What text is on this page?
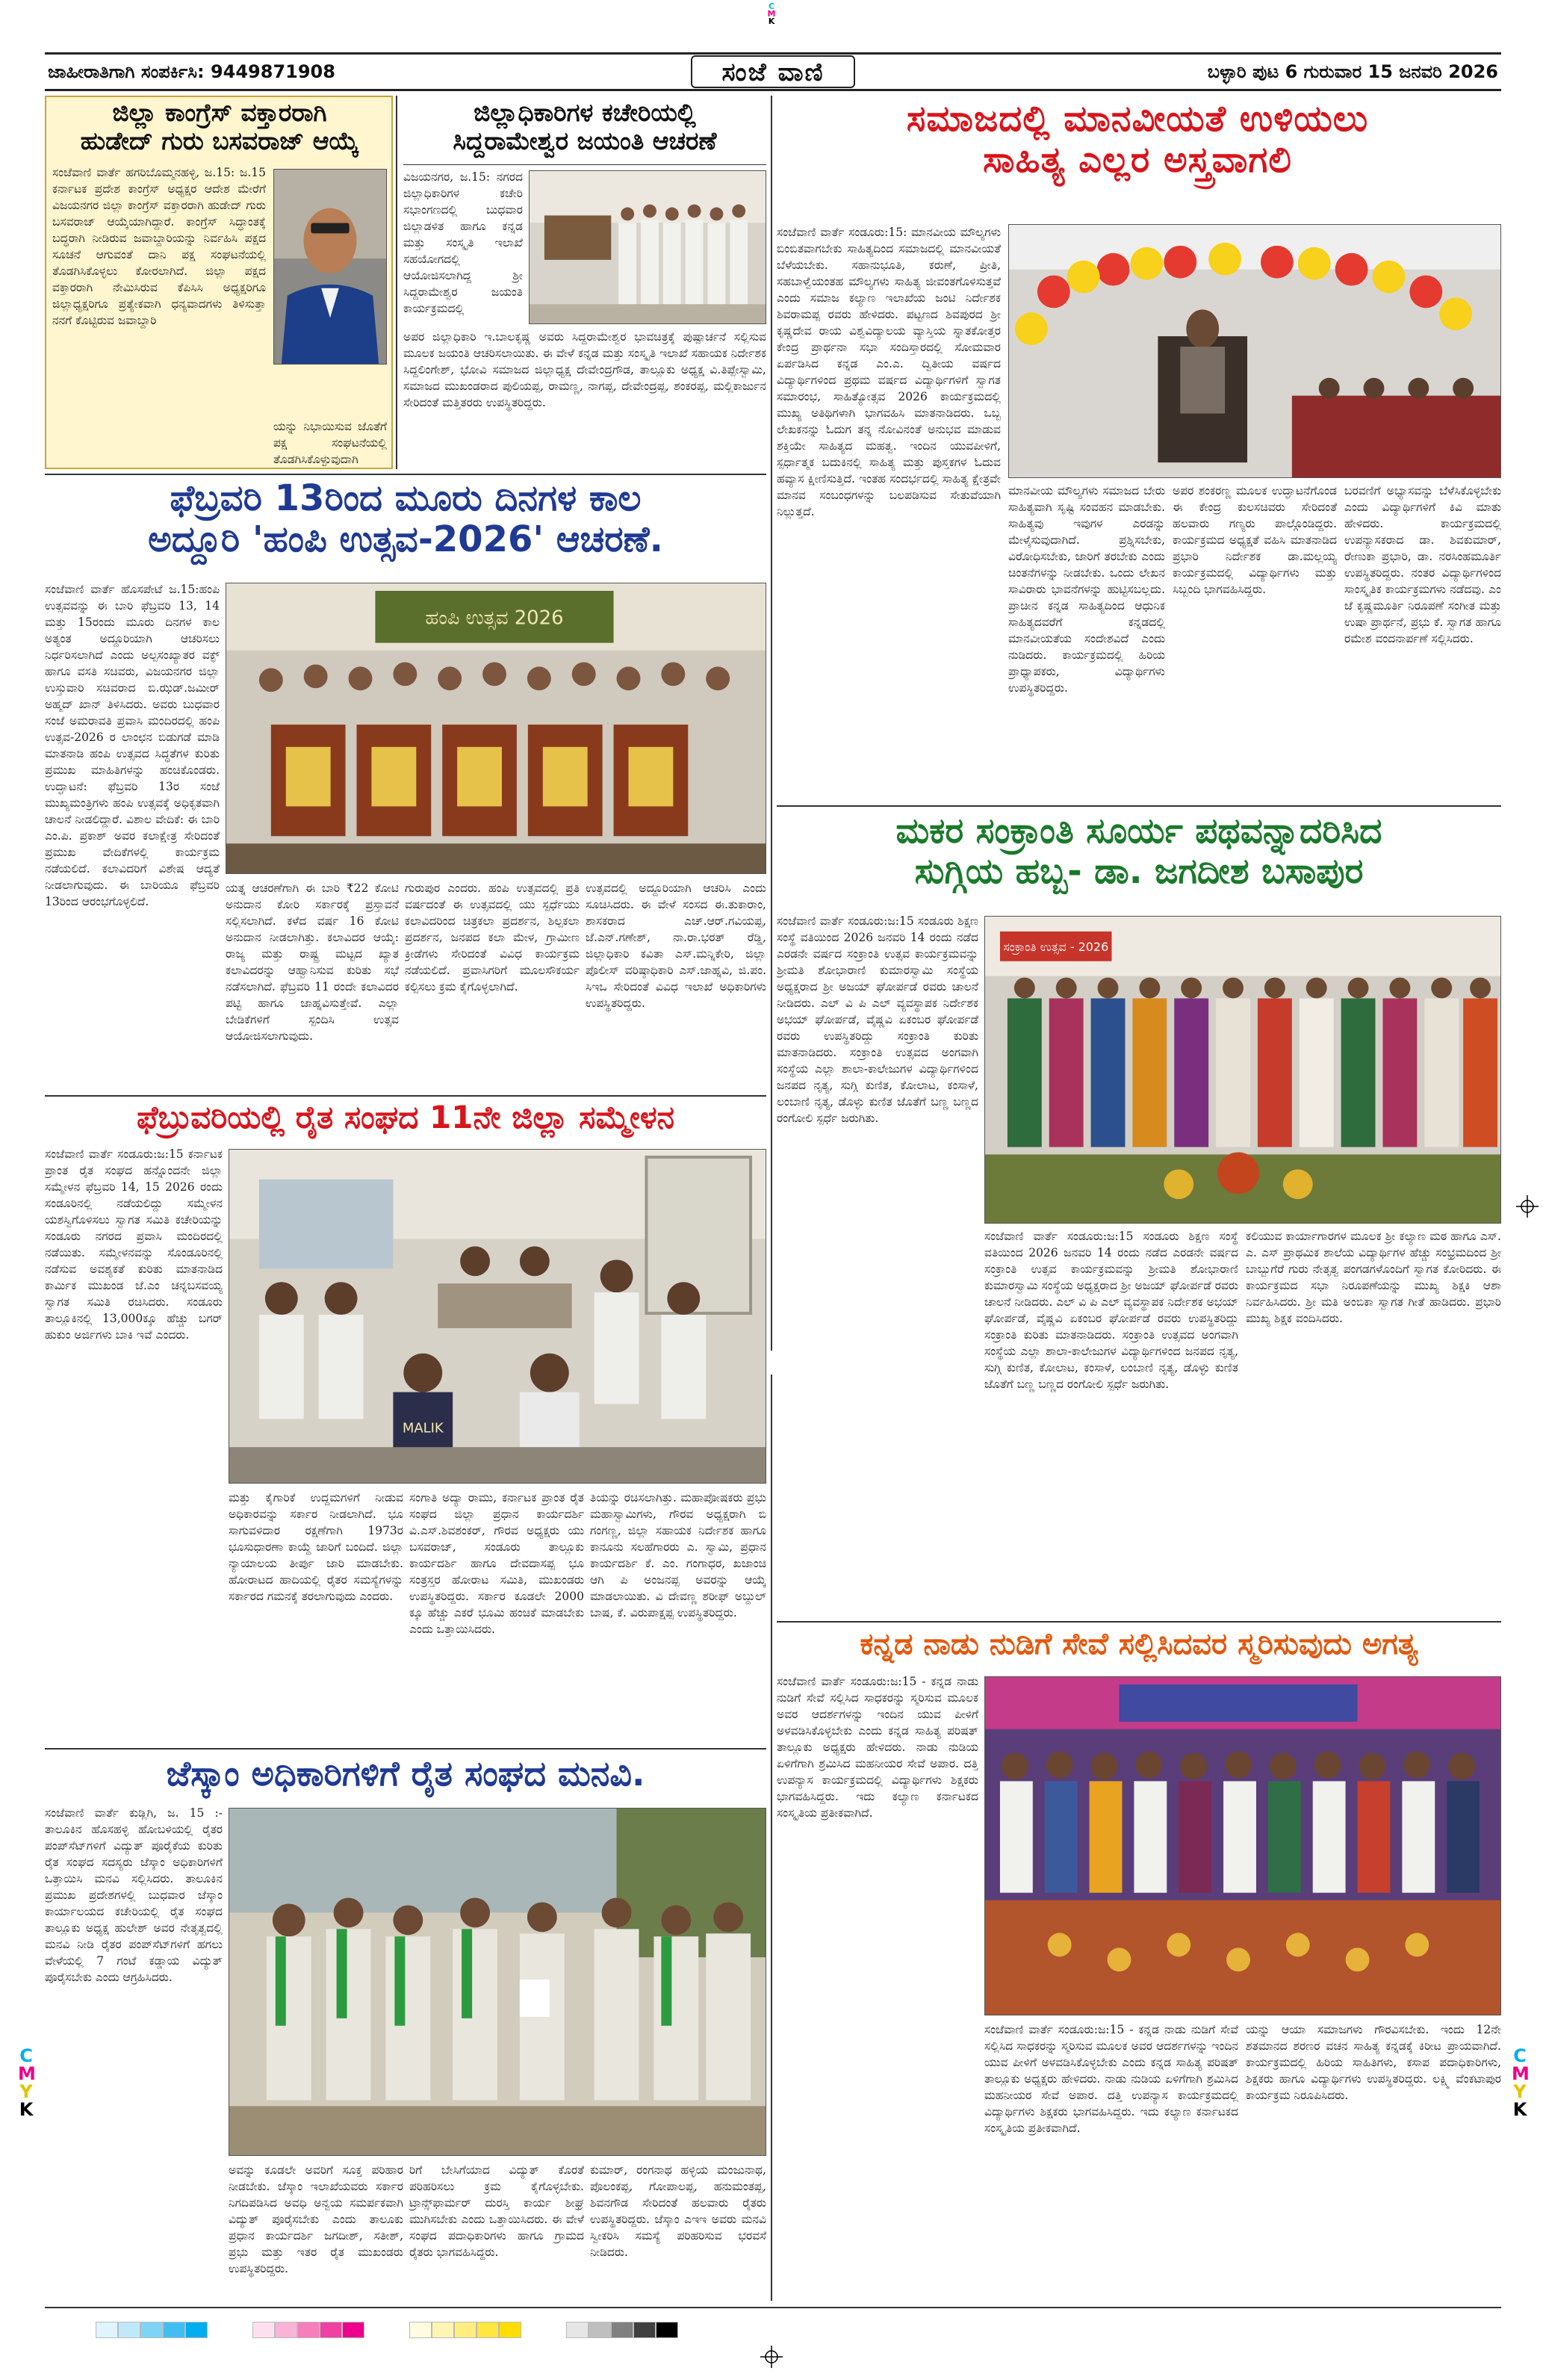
C
M
K
ಜಾಹೀರಾತಿಗಾಗಿ ಸಂಪರ್ಕಿಸಿ: 9449871908	ಸಂಜೆ ವಾಣಿ	ಬಳ್ಳಾರಿ ಪುಟ 6 ಗುರುವಾರ 15 ಜನವರಿ 2026
ಜಿಲ್ಲಾ ಕಾಂಗ್ರೆಸ್ ವಕ್ತಾರರಾಗಿ
ಹುಡೇದ್ ಗುರು ಬಸವರಾಜ್ ಆಯ್ಕೆ
ಸಂಜೆವಾಣಿ ವಾರ್ತೆ ಹಗರಿಬೊಮ್ಮನಹಳ್ಳಿ, ಜ.15: ಜ.15 ಕರ್ನಾಟಕ ಪ್ರದೇಶ ಕಾಂಗ್ರೆಸ್ ಅಧ್ಯಕ್ಷರ ಆದೇಶ ಮೇರೆಗೆ ವಿಜಯನಗರ ಜಿಲ್ಲಾ ಕಾಂಗ್ರೆಸ್ ವಕ್ತಾರರಾಗಿ ಹುಡೇದ್ ಗುರು ಬಸವರಾಜ್ ಆಯ್ಕೆಯಾಗಿದ್ದಾರೆ. ಕಾಂಗ್ರೆಸ್ ಸಿದ್ಧಾಂತಕ್ಕೆ ಬದ್ಧರಾಗಿ ನೀಡಿರುವ ಜವಾಬ್ದಾರಿಯನ್ನು ನಿರ್ವಹಿಸಿ ಪಕ್ಷದ ಸೂಚನೆ ಆಗುವಂತೆ ದಾನಿ ಪಕ್ಷ ಸಂಘಟನೆಯಲ್ಲಿ ತೊಡಗಿಸಿಕೊಳ್ಳಲು ಕೋರಲಾಗಿದೆ. ಜಿಲ್ಲಾ ಪಕ್ಷದ ವಕ್ತಾರರಾಗಿ ನೇಮಿಸಿರುವ ಕೆಪಿಸಿಸಿ ಅಧ್ಯಕ್ಷರಿಗೂ ಜಿಲ್ಲಾಧ್ಯಕ್ಷರಿಗೂ ಪ್ರತ್ಯೇಕವಾಗಿ ಧನ್ಯವಾದಗಳು ತಿಳಿಸುತ್ತಾ ನನಗೆ ಕೊಟ್ಟಿರುವ ಜವಾಬ್ದಾರಿ
ಯನ್ನು ನಿಭಾಯಿಸುವ ಜೊತೆಗೆ ಪಕ್ಷ ಸಂಘಟನೆಯಲ್ಲಿ ತೊಡಗಿಸಿಕೊಳ್ಳುವುದಾಗಿ
ಜಿಲ್ಲಾಧಿಕಾರಿಗಳ ಕಚೇರಿಯಲ್ಲಿ
ಸಿದ್ದರಾಮೇಶ್ವರ ಜಯಂತಿ ಆಚರಣೆ
ವಿಜಯನಗರ, ಜ.15: ನಗರದ ಜಿಲ್ಲಾಧಿಕಾರಿಗಳ ಕಚೇರಿ ಸಭಾಂಗಣದಲ್ಲಿ ಬುಧವಾರ ಜಿಲ್ಲಾಡಳಿತ ಹಾಗೂ ಕನ್ನಡ ಮತ್ತು ಸಂಸ್ಕೃತಿ ಇಲಾಖೆ ಸಹಯೋಗದಲ್ಲಿ ಆಯೋಜಿಸಲಾಗಿದ್ದ ಶ್ರೀ ಸಿದ್ದರಾಮೇಶ್ವರ ಜಯಂತಿ ಕಾರ್ಯಕ್ರಮದಲ್ಲಿ
ಅಪರ ಜಿಲ್ಲಾಧಿಕಾರಿ ಇ.ಬಾಲಕೃಷ್ಣ ಅವರು ಸಿದ್ದರಾಮೇಶ್ವರ ಭಾವಚಿತ್ರಕ್ಕೆ ಪುಷ್ಪಾರ್ಚನೆ ಸಲ್ಲಿಸುವ ಮೂಲಕ ಜಯಂತಿ ಆಚರಿಸಲಾಯಿತು. ಈ ವೇಳೆ ಕನ್ನಡ ಮತ್ತು ಸಂಸ್ಕೃತಿ ಇಲಾಖೆ ಸಹಾಯಕ ನಿರ್ದೇಶಕ ಸಿದ್ದಲಿಂಗೇಶ್, ಭೋವಿ ಸಮಾಜದ ಜಿಲ್ಲಾಧ್ಯಕ್ಷ ದೇವೇಂದ್ರಗೌಡ, ತಾಲ್ಲೂಕು ಅಧ್ಯಕ್ಷ ವಿ.ತಿಪ್ಪೇಸ್ವಾಮಿ, ಸಮಾಜದ ಮುಖಂಡರಾದ ಪುಲಿಯಪ್ಪ, ರಾಮಣ್ಣ, ನಾಗಪ್ಪ, ದೇವೇಂದ್ರಪ್ಪ, ಶಂಕರಪ್ಪ, ಮಲ್ಲಿಕಾರ್ಜುನ ಸೇರಿದಂತೆ ಮತ್ತಿತರರು ಉಪಸ್ಥಿತರಿದ್ದರು.
ಸಮಾಜದಲ್ಲಿ ಮಾನವೀಯತೆ ಉಳಿಯಲು
ಸಾಹಿತ್ಯ ಎಲ್ಲರ ಅಸ್ತ್ರವಾಗಲಿ
ಸಂಜೆವಾಣಿ ವಾರ್ತೆ ಸಂಡೂರು:15: ಮಾನವೀಯ ಮೌಲ್ಯಗಳು ಬಿಂಬಿತವಾಗಬೇಕು ಸಾಹಿತ್ಯದಿಂದ ಸಮಾಜದಲ್ಲಿ ಮಾನವೀಯತೆ ಬೆಳೆಯಬೇಕು. ಸಹಾನುಭೂತಿ, ಕರುಣೆ, ಪ್ರೀತಿ, ಸಹಬಾಳ್ವೆಯಂತಹ ಮೌಲ್ಯಗಳು ಸಾಹಿತ್ಯ ಜೀವಂತಗೊಳಿಸುತ್ತವೆ ಎಂದು ಸಮಾಜ ಕಲ್ಯಾಣ ಇಲಾಖೆಯ ಜಂಟಿ ನಿರ್ದೇಶಕ ಶಿವರಾಮಪ್ಪ ರವರು ಹೇಳಿದರು. ಪಟ್ಟಣದ ಶಿವಪುರದ ಶ್ರೀ ಕೃಷ್ಣದೇವ ರಾಯ ವಿಶ್ವವಿದ್ಯಾಲಯ ವ್ಯಾಸ್ತಿಯ ಸ್ನಾತಕೋತ್ತರ ಕೇಂದ್ರ ಪ್ರಾರ್ಥನಾ ಸಭಾ ಸಂದಿಸ್ತಾರದಲ್ಲಿ ಸೋಮವಾರ ಏರ್ಪಡಿಸಿದ ಕನ್ನಡ ಎಂ.ಎ. ದ್ವಿತೀಯ ವರ್ಷದ ವಿದ್ಯಾರ್ಥಿಗಳಿಂದ ಪ್ರಥಮ ವರ್ಷದ ವಿದ್ಯಾರ್ಥಿಗಳಿಗೆ ಸ್ವಾಗತ ಸಮಾರಂಭ, ಸಾಹಿತ್ಯೋತ್ಸವ 2026 ಕಾರ್ಯಕ್ರಮದಲ್ಲಿ ಮುಖ್ಯ ಅತಿಥಿಗಳಾಗಿ ಭಾಗವಹಿಸಿ ಮಾತನಾಡಿದರು. ಒಬ್ಬ ಲೇಖಕನನ್ನು ಓದುಗ ತನ್ನ ನೋವಿನಂತೆ ಅನುಭವ ಮಾಡುವ ಶಕ್ತಿಯೇ ಸಾಹಿತ್ಯದ ಮಹತ್ವ. ಇಂದಿನ ಯುವಪೀಳಿಗೆ, ಸ್ಪರ್ಧಾತ್ಮಕ ಬದುಕಿನಲ್ಲಿ ಸಾಹಿತ್ಯ ಮತ್ತು ಪುಸ್ತಕಗಳ ಓದುವ ಹವ್ಯಾಸ ಕ್ಷೀಣಿಸುತ್ತಿದೆ. ಇಂತಹ ಸಂದರ್ಭದಲ್ಲಿ ಸಾಹಿತ್ಯ ಕ್ಷೇತ್ರವೇ ಮಾನವ ಸಂಬಂಧಗಳನ್ನು ಬಲಪಡಿಸುವ ಸೇತುವೆಯಾಗಿ ನಿಲ್ಲುತ್ತದೆ.
ಮಾನವೀಯ ಮೌಲ್ಯಗಳು ಸಮಾಜದ ಬೇರು ಸಾಹಿತ್ಯವಾಗಿ ಸೃಷ್ಟಿ ಸಂವಹನ ಮಾಡಬೇಕು. ಸಾಹಿತ್ಯವು ಇವುಗಳ ಎರಡನ್ನು ಮೇಳೈಸುವುದಾಗಿದೆ. ಪ್ರಶ್ನಿಸಬೇಕು, ವಿರೋಧಿಸಬೇಕು, ಜಾರಿಗೆ ತರಬೇಕು ಎಂದು ಚಿಂತನೆಗಳನ್ನು ನೀಡಬೇಕು. ಒಂದು ಲೇಖನ ಸಾವಿರಾರು ಭಾವನೆಗಳನ್ನು ಹುಟ್ಟಿಸಬಲ್ಲದು. ಪ್ರಾಚೀನ ಕನ್ನಡ ಸಾಹಿತ್ಯದಿಂದ ಆಧುನಿಕ ಸಾಹಿತ್ಯದವರೆಗೆ ಕನ್ನಡದಲ್ಲಿ ಮಾನವೀಯತೆಯ ಸಂದೇಶವಿದೆ ಎಂದು ನುಡಿದರು. ಕಾರ್ಯಕ್ರಮದಲ್ಲಿ ಹಿರಿಯ ಪ್ರಾಧ್ಯಾಪಕರು, ವಿದ್ಯಾರ್ಥಿಗಳು ಉಪಸ್ಥಿತರಿದ್ದರು.
ಅಪರ ಶಂಕರಣ್ಣ ಮೂಲಕ ಉದ್ಘಾಟನೆಗೊಂಡ ಈ ಕೇಂದ್ರ ಕುಲಸಚಿವರು ಸೇರಿದಂತೆ ಹಲವಾರು ಗಣ್ಯರು ಪಾಲ್ಗೊಂಡಿದ್ದರು. ಕಾರ್ಯಕ್ರಮದ ಅಧ್ಯಕ್ಷತೆ ವಹಿಸಿ ಮಾತನಾಡಿದ ಪ್ರಭಾರಿ ನಿರ್ದೇಶಕ ಡಾ.ಮಲ್ಲಯ್ಯ ಕಾರ್ಯಕ್ರಮದಲ್ಲಿ ವಿದ್ಯಾರ್ಥಿಗಳು ಮತ್ತು ಸಿಬ್ಬಂದಿ ಭಾಗವಹಿಸಿದ್ದರು.
ಬರವಣಿಗೆ ಅಭ್ಯಾಸವನ್ನು ಬೆಳೆಸಿಕೊಳ್ಳಬೇಕು ಎಂದು ವಿದ್ಯಾರ್ಥಿಗಳಿಗೆ ಕಿವಿ ಮಾತು ಹೇಳಿದರು. ಕಾರ್ಯಕ್ರಮದಲ್ಲಿ ಉಪನ್ಯಾಸಕರಾದ ಡಾ. ಶಿವಕುಮಾರ್, ರೇಣುಕಾ ಪ್ರಭಾರಿ, ಡಾ. ನರಸಿಂಹಮೂರ್ತಿ ಉಪಸ್ಥಿತರಿದ್ದರು. ನಂತರ ವಿದ್ಯಾರ್ಥಿಗಳಿಂದ ಸಾಂಸ್ಕೃತಿಕ ಕಾರ್ಯಕ್ರಮಗಳು ನಡೆದವು. ಎಂ ಜೆ ಕೃಷ್ಣಮೂರ್ತಿ ನಿರೂಪಣೆ ಸಂಗೀತ ಮತ್ತು ಉಷಾ ಪ್ರಾರ್ಥನೆ, ಪ್ರಭು ಕೆ. ಸ್ವಾಗತ ಹಾಗೂ ರಮೇಶ ವಂದನಾರ್ಪಣೆ ಸಲ್ಲಿಸಿದರು.
ಫೆಬ್ರವರಿ 13ರಿಂದ ಮೂರು ದಿನಗಳ ಕಾಲ
ಅದ್ದೂರಿ 'ಹಂಪಿ ಉತ್ಸವ-2026' ಆಚರಣೆ.
ಸಂಜೆವಾಣಿ ವಾರ್ತೆ ಹೊಸಪೇಟೆ ಜ.15:ಹಂಪಿ ಉತ್ಸವವನ್ನು ಈ ಬಾರಿ ಫೆಬ್ರವರಿ 13, 14 ಮತ್ತು 15ರಂದು ಮೂರು ದಿನಗಳ ಕಾಲ ಅತ್ಯಂತ ಅದ್ದೂರಿಯಾಗಿ ಆಚರಿಸಲು ನಿರ್ಧರಿಸಲಾಗಿದೆ ಎಂದು ಅಲ್ಪಸಂಖ್ಯಾತರ ವಕ್ಫ್ ಹಾಗೂ ವಸತಿ ಸಚಿವರು, ವಿಜಯನಗರ ಜಿಲ್ಲಾ ಉಸ್ತುವಾರಿ ಸಚಿವರಾದ ಬಿ.ಝಡ್.ಜಮೀರ್ ಅಹ್ಮದ್ ಖಾನ್ ತಿಳಿಸಿದರು. ಅವರು ಬುಧವಾರ ಸಂಜೆ ಅಮರಾವತಿ ಪ್ರವಾಸಿ ಮಂದಿರದಲ್ಲಿ ಹಂಪಿ ಉತ್ಸವ-2026 ರ ಲಾಂಛನ ಬಿಡುಗಡೆ ಮಾಡಿ ಮಾತನಾಡಿ ಹಂಪಿ ಉತ್ಸವದ ಸಿದ್ಧತೆಗಳ ಕುರಿತು ಪ್ರಮುಖ ಮಾಹಿತಿಗಳನ್ನು ಹಂಚಿಕೊಂಡರು. ಉದ್ಘಾಟನೆ: ಫೆಬ್ರವರಿ 13ರ ಸಂಜೆ ಮುಖ್ಯಮಂತ್ರಿಗಳು ಹಂಪಿ ಉತ್ಸವಕ್ಕೆ ಅಧಿಕೃತವಾಗಿ ಚಾಲನೆ ನೀಡಲಿದ್ದಾರೆ. ವಿಶಾಲ ವೇದಿಕೆ: ಈ ಬಾರಿ ಎಂ.ಪಿ. ಪ್ರಕಾಶ್ ಅವರ ಕಲಾಕ್ಷೇತ್ರ ಸೇರಿದಂತೆ ಪ್ರಮುಖ ವೇದಿಕೆಗಳಲ್ಲಿ ಕಾರ್ಯಕ್ರಮ ನಡೆಯಲಿದೆ. ಕಲಾವಿದರಿಗೆ ವಿಶೇಷ ಆದ್ಯತೆ ನೀಡಲಾಗುವುದು. ಈ ಬಾರಿಯೂ ಫೆಬ್ರವರಿ 13ರಿಂದ ಆರಂಭಗೊಳ್ಳಲಿದೆ.
ಹಂಪಿ ಉತ್ಸವ 2026
ಯತ್ನ ಆಚರಣೆಗಾಗಿ ಈ ಬಾರಿ ₹22 ಕೋಟಿ ಅನುದಾನ ಕೋರಿ ಸರ್ಕಾರಕ್ಕೆ ಪ್ರಸ್ತಾವನೆ ಸಲ್ಲಿಸಲಾಗಿದೆ. ಕಳೆದ ವರ್ಷ 16 ಕೋಟಿ ಅನುದಾನ ನೀಡಲಾಗಿತ್ತು. ಕಲಾವಿದರ ಆಯ್ಕೆ: ರಾಜ್ಯ ಮತ್ತು ರಾಷ್ಟ್ರ ಮಟ್ಟದ ಖ್ಯಾತ ಕಲಾವಿದರನ್ನು ಆಹ್ವಾನಿಸುವ ಕುರಿತು ಸಭೆ ನಡೆಸಲಾಗಿದೆ. ಫೆಬ್ರವರಿ 11 ರಂದೇ ಕಲಾವಿದರ ಪಟ್ಟಿ ಹಾಗೂ ಜಾಹ್ನವಿಸುತ್ತೇವೆ. ಎಲ್ಲಾ ಬೇಡಿಕೆಗಳಿಗೆ ಸ್ಪಂದಿಸಿ ಉತ್ಸವ ಆಯೋಜಿಸಲಾಗುವುದು.
ಗುರುಪುರ ಎಂದರು. ಹಂಪಿ ಉತ್ಸವದಲ್ಲಿ ಪ್ರತಿ ವರ್ಷದಂತೆ ಈ ಉತ್ಸವದಲ್ಲಿ ಯು ಸ್ಪರ್ಧೆಯು ಕಲಾವಿದರಿಂದ ಚಿತ್ರಕಲಾ ಪ್ರದರ್ಶನ, ಶಿಲ್ಪಕಲಾ ಪ್ರದರ್ಶನ, ಜನಪದ ಕಲಾ ಮೇಳ, ಗ್ರಾಮೀಣ ಕ್ರೀಡೆಗಳು ಸೇರಿದಂತೆ ವಿವಿಧ ಕಾರ್ಯಕ್ರಮ ನಡೆಯಲಿದೆ. ಪ್ರವಾಸಿಗರಿಗೆ ಮೂಲಸೌಕರ್ಯ ಕಲ್ಪಿಸಲು ಕ್ರಮ ಕೈಗೊಳ್ಳಲಾಗಿದೆ.
ಉತ್ಸವದಲ್ಲಿ ಅದ್ದೂರಿಯಾಗಿ ಆಚರಿಸಿ ಎಂದು ಸೂಚಿಸಿದರು. ಈ ವೇಳೆ ಸಂಸದ ಈ.ತುಕಾರಾಂ, ಶಾಸಕರಾದ ಎಚ್.ಆರ್.ಗವಿಯಪ್ಪ, ಜೆ.ಎನ್.ಗಣೇಶ್, ನಾ.ರಾ.ಭರತ್ ರೆಡ್ಡಿ, ಜಿಲ್ಲಾಧಿಕಾರಿ ಕವಿತಾ ಎಸ್.ಮನ್ನಿಕೇರಿ, ಜಿಲ್ಲಾ ಪೊಲೀಸ್ ವರಿಷ್ಠಾಧಿಕಾರಿ ಎಸ್.ಜಾಹ್ನವಿ, ಜಿ.ಪಂ. ಸಿಇಒ ಸೇರಿದಂತೆ ವಿವಿಧ ಇಲಾಖೆ ಅಧಿಕಾರಿಗಳು ಉಪಸ್ಥಿತರಿದ್ದರು.
ಮಕರ ಸಂಕ್ರಾಂತಿ ಸೂರ್ಯ ಪಥವನ್ನಾದರಿಸಿದ
ಸುಗ್ಗಿಯ ಹಬ್ಬ- ಡಾ. ಜಗದೀಶ ಬಸಾಪುರ
ಸಂಜೆವಾಣಿ ವಾರ್ತೆ ಸಂಡೂರು:ಜ:15 ಸಂಡೂರು ಶಿಕ್ಷಣ ಸಂಸ್ಥೆ ವತಿಯಿಂದ 2026 ಜನವರಿ 14 ರಂದು ನಡೆದ ಎರಡನೇ ವರ್ಷದ ಸಂಕ್ರಾಂತಿ ಉತ್ಸವ ಕಾರ್ಯಕ್ರಮವನ್ನು ಶ್ರೀಮತಿ ಶೋಭಾರಾಣಿ ಕುಮಾರಸ್ವಾಮಿ ಸಂಸ್ಥೆಯ ಅಧ್ಯಕ್ಷರಾದ ಶ್ರೀ ಅಜಯ್ ಘೋರ್ಪಡೆ ರವರು ಚಾಲನೆ ನೀಡಿದರು. ಎಲ್ ವಿ ಪಿ ಎಲ್ ವ್ಯವಸ್ಥಾಪಕ ನಿರ್ದೇಶಕ ಅಭಯ್ ಘೋರ್ಪಡೆ, ವೈಷ್ಣವಿ ಏಕಂಬರ ಘೋರ್ಪಡೆ ರವರು ಉಪಸ್ಥಿತರಿದ್ದು ಸಂಕ್ರಾಂತಿ ಕುರಿತು ಮಾತನಾಡಿದರು. ಸಂಕ್ರಾಂತಿ ಉತ್ಸವದ ಅಂಗವಾಗಿ ಸಂಸ್ಥೆಯ ಎಲ್ಲಾ ಶಾಲಾ-ಕಾಲೇಜುಗಳ ವಿದ್ಯಾರ್ಥಿಗಳಿಂದ ಜನಪದ ನೃತ್ಯ, ಸುಗ್ಗಿ ಕುಣಿತ, ಕೋಲಾಟ, ಕಂಸಾಳೆ, ಲಂಬಾಣಿ ನೃತ್ಯ, ಡೊಳ್ಳು ಕುಣಿತ ಜೊತೆಗೆ ಬಣ್ಣ ಬಣ್ಣದ ರಂಗೋಲಿ ಸ್ಪರ್ಧೆ ಜರುಗಿತು.
ಸಂಕ್ರಾಂತಿ ಉತ್ಸವ - 2026
ಸಂಜೆವಾಣಿ ವಾರ್ತೆ ಸಂಡೂರು:ಜ:15 ಸಂಡೂರು ಶಿಕ್ಷಣ ಸಂಸ್ಥೆ ವತಿಯಿಂದ 2026 ಜನವರಿ 14 ರಂದು ನಡೆದ ಎರಡನೇ ವರ್ಷದ ಸಂಕ್ರಾಂತಿ ಉತ್ಸವ ಕಾರ್ಯಕ್ರಮವನ್ನು ಶ್ರೀಮತಿ ಶೋಭಾರಾಣಿ ಕುಮಾರಸ್ವಾಮಿ ಸಂಸ್ಥೆಯ ಅಧ್ಯಕ್ಷರಾದ ಶ್ರೀ ಅಜಯ್ ಘೋರ್ಪಡೆ ರವರು ಚಾಲನೆ ನೀಡಿದರು. ಎಲ್ ವಿ ಪಿ ಎಲ್ ವ್ಯವಸ್ಥಾಪಕ ನಿರ್ದೇಶಕ ಅಭಯ್ ಘೋರ್ಪಡೆ, ವೈಷ್ಣವಿ ಏಕಂಬರ ಘೋರ್ಪಡೆ ರವರು ಉಪಸ್ಥಿತರಿದ್ದು ಸಂಕ್ರಾಂತಿ ಕುರಿತು ಮಾತನಾಡಿದರು. ಸಂಕ್ರಾಂತಿ ಉತ್ಸವದ ಅಂಗವಾಗಿ ಸಂಸ್ಥೆಯ ಎಲ್ಲಾ ಶಾಲಾ-ಕಾಲೇಜುಗಳ ವಿದ್ಯಾರ್ಥಿಗಳಿಂದ ಜನಪದ ನೃತ್ಯ, ಸುಗ್ಗಿ ಕುಣಿತ, ಕೋಲಾಟ, ಕಂಸಾಳೆ, ಲಂಬಾಣಿ ನೃತ್ಯ, ಡೊಳ್ಳು ಕುಣಿತ ಜೊತೆಗೆ ಬಣ್ಣ ಬಣ್ಣದ ರಂಗೋಲಿ ಸ್ಪರ್ಧೆ ಜರುಗಿತು.
ಕಲಿಯುವ ಕಾರ್ಯಾಗಾರಗಳ ಮೂಲಕ ಶ್ರೀ ಕಲ್ಯಾಣ ಮಠ ಹಾಗೂ ಎಸ್. ಎ. ಎಸ್ ಪ್ರಾಥಮಿಕ ಶಾಲೆಯ ವಿದ್ಯಾರ್ಥಿಗಳ ಹೆಚ್ಚು ಸಂಭ್ರಮದಿಂದ ಶ್ರೀ ಬಾಬ್ಬುಗೆರೆ ಗುರು ನೇತೃತ್ವ ಪಂಗಡಗಳೊಂದಿಗೆ ಸ್ವಾಗತ ಕೋರಿದರು. ಈ ಕಾರ್ಯಕ್ರಮದ ಸಭಾ ನಿರೂಪಣೆಯನ್ನು ಮುಖ್ಯ ಶಿಕ್ಷಕಿ ಆಶಾ ನಿರ್ವಹಿಸಿದರು. ಶ್ರೀ ಮತಿ ಅಂಬಿಕಾ ಸ್ವಾಗತ ಗೀತೆ ಹಾಡಿದರು. ಪ್ರಭಾರಿ ಮುಖ್ಯ ಶಿಕ್ಷಕ ವಂದಿಸಿದರು.
ಫೆಬ್ರುವರಿಯಲ್ಲಿ ರೈತ ಸಂಘದ 11ನೇ ಜಿಲ್ಲಾ ಸಮ್ಮೇಳನ
ಸಂಜೆವಾಣಿ ವಾರ್ತೆ ಸಂಡೂರು:ಜ:15 ಕರ್ನಾಟಕ ಪ್ರಾಂತ ರೈತ ಸಂಘದ ಹನ್ನೊಂದನೇ ಜಿಲ್ಲಾ ಸಮ್ಮೇಳನ ಫೆಬ್ರವರಿ 14, 15 2026 ರಂದು ಸಂಡೂರಿನಲ್ಲಿ ನಡೆಯಲಿದ್ದು ಸಮ್ಮೇಳನ ಯಶಸ್ವಿಗೊಳಿಸಲು ಸ್ವಾಗತ ಸಮಿತಿ ಕಚೇರಿಯನ್ನು ಸಂಡೂರು ನಗರದ ಪ್ರವಾಸಿ ಮಂದಿರದಲ್ಲಿ ನಡೆಯಿತು. ಸಮ್ಮೇಳನವನ್ನು ಸೊಂಡೂರಿನಲ್ಲಿ ನಡೆಸುವ ಅವಶ್ಯಕತೆ ಕುರಿತು ಮಾತನಾಡಿದ ಕಾರ್ಮಿಕ ಮುಖಂಡ ಜೆ.ಎಂ ಚನ್ನಬಸವಯ್ಯ ಸ್ವಾಗತ ಸಮಿತಿ ರಚಿಸಿದರು. ಸಂಡೂರು ತಾಲ್ಲೂಕಿನಲ್ಲಿ 13,000ಕ್ಕೂ ಹೆಚ್ಚು ಬಗರ್ ಹುಕುಂ ಅರ್ಜಿಗಳು ಬಾಕಿ ಇವೆ ಎಂದರು.
MALIK
ಮತ್ತು ಕೈಗಾರಿಕೆ ಉದ್ದಮಗಳಿಗೆ ನೀಡುವ ಅಧಿಕಾರವನ್ನು ಸರ್ಕಾರ ನೀಡಲಾಗಿದೆ. ಭೂ ಸಾಗುವಳಿದಾರ ರಕ್ಷಣೆಗಾಗಿ 1973ರ ಭೂಸುಧಾರಣಾ ಕಾಯ್ದೆ ಜಾರಿಗೆ ಬಂದಿದೆ. ಜಿಲ್ಲಾ ನ್ಯಾಯಾಲಯ ತೀರ್ಪು ಜಾರಿ ಮಾಡಬೇಕು. ಹೋರಾಟದ ಹಾದಿಯಲ್ಲಿ ರೈತರ ಸಮಸ್ಯೆಗಳನ್ನು ಸರ್ಕಾರದ ಗಮನಕ್ಕೆ ತರಲಾಗುವುದು ಎಂದರು.
ಸಂಗಾತಿ ಅದ್ಯಾ ರಾಮು, ಕರ್ನಾಟಕ ಪ್ರಾಂತ ರೈತ ಸಂಘದ ಜಿಲ್ಲಾ ಪ್ರಧಾನ ಕಾರ್ಯದರ್ಶಿ ವಿ.ಎಸ್.ಶಿವಶಂಕರ್, ಗೌರವ ಅಧ್ಯಕ್ಷರು ಯು ಬಸವರಾಜ್, ಸಂಡೂರು ತಾಲ್ಲೂಕು ಕಾರ್ಯದರ್ಶಿ ಹಾಗೂ ದೇವದಾಸಪ್ಪ ಭೂ ಸಂತ್ರಸ್ತರ ಹೋರಾಟ ಸಮಿತಿ, ಮುಖಂಡರು ಉಪಸ್ಥಿತರಿದ್ದರು. ಸರ್ಕಾರ ಕೂಡಲೇ 2000 ಕ್ಕೂ ಹೆಚ್ಚು ಎಕರೆ ಭೂಮಿ ಹಂಚಿಕೆ ಮಾಡಬೇಕು ಎಂದು ಒತ್ತಾಯಿಸಿದರು.
ತಿಯನ್ನು ರಚಿಸಲಾಗಿತ್ತು. ಮಹಾಪೋಷಕರು ಪ್ರಭು ಮಹಾಸ್ವಾಮಿಗಳು, ಗೌರವ ಅಧ್ಯಕ್ಷರಾಗಿ ಬಿ ಗಂಗಣ್ಣ, ಜಿಲ್ಲಾ ಸಹಾಯಕ ನಿರ್ದೇಶಕ ಹಾಗೂ ಕಾನೂನು ಸಲಹೆಗಾರರು ಎ. ಸ್ವಾಮಿ, ಪ್ರಧಾನ ಕಾರ್ಯದರ್ಶಿ ಕೆ. ಎಂ. ಗಂಗಾಧರ, ಖಜಾಂಚಿ ಆಗಿ ಪಿ ಅಂಜನಪ್ಪ ಅವರನ್ನು ಆಯ್ಕೆ ಮಾಡಲಾಯಿತು. ವಿ ದೇವಣ್ಣ ಶರೀಫ್ ಅಬ್ದುಲ್ ಬಾಷ, ಕೆ. ವಿರುಪಾಕ್ಷಪ್ಪ ಉಪಸ್ಥಿತರಿದ್ದರು.
ಕನ್ನಡ ನಾಡು ನುಡಿಗೆ ಸೇವೆ ಸಲ್ಲಿಸಿದವರ ಸ್ಮರಿಸುವುದು ಅಗತ್ಯ
ಸಂಜೆವಾಣಿ ವಾರ್ತೆ ಸಂಡೂರು:ಜ:15 - ಕನ್ನಡ ನಾಡು ನುಡಿಗೆ ಸೇವೆ ಸಲ್ಲಿಸಿದ ಸಾಧಕರನ್ನು ಸ್ಮರಿಸುವ ಮೂಲಕ ಅವರ ಆದರ್ಶಗಳನ್ನು ಇಂದಿನ ಯುವ ಪೀಳಿಗೆ ಅಳವಡಿಸಿಕೊಳ್ಳಬೇಕು ಎಂದು ಕನ್ನಡ ಸಾಹಿತ್ಯ ಪರಿಷತ್ ತಾಲ್ಲೂಕು ಅಧ್ಯಕ್ಷರು ಹೇಳಿದರು. ನಾಡು ನುಡಿಯ ಏಳಿಗೆಗಾಗಿ ಶ್ರಮಿಸಿದ ಮಹನೀಯರ ಸೇವೆ ಅಪಾರ. ದತ್ತಿ ಉಪನ್ಯಾಸ ಕಾರ್ಯಕ್ರಮದಲ್ಲಿ ವಿದ್ಯಾರ್ಥಿಗಳು ಶಿಕ್ಷಕರು ಭಾಗವಹಿಸಿದ್ದರು. ಇದು ಕಲ್ಯಾಣ ಕರ್ನಾಟಕದ ಸಂಸ್ಕೃತಿಯ ಪ್ರತೀಕವಾಗಿದೆ.
ಸಂಜೆವಾಣಿ ವಾರ್ತೆ ಸಂಡೂರು:ಜ:15 - ಕನ್ನಡ ನಾಡು ನುಡಿಗೆ ಸೇವೆ ಸಲ್ಲಿಸಿದ ಸಾಧಕರನ್ನು ಸ್ಮರಿಸುವ ಮೂಲಕ ಅವರ ಆದರ್ಶಗಳನ್ನು ಇಂದಿನ ಯುವ ಪೀಳಿಗೆ ಅಳವಡಿಸಿಕೊಳ್ಳಬೇಕು ಎಂದು ಕನ್ನಡ ಸಾಹಿತ್ಯ ಪರಿಷತ್ ತಾಲ್ಲೂಕು ಅಧ್ಯಕ್ಷರು ಹೇಳಿದರು. ನಾಡು ನುಡಿಯ ಏಳಿಗೆಗಾಗಿ ಶ್ರಮಿಸಿದ ಮಹನೀಯರ ಸೇವೆ ಅಪಾರ. ದತ್ತಿ ಉಪನ್ಯಾಸ ಕಾರ್ಯಕ್ರಮದಲ್ಲಿ ವಿದ್ಯಾರ್ಥಿಗಳು ಶಿಕ್ಷಕರು ಭಾಗವಹಿಸಿದ್ದರು. ಇದು ಕಲ್ಯಾಣ ಕರ್ನಾಟಕದ ಸಂಸ್ಕೃತಿಯ ಪ್ರತೀಕವಾಗಿದೆ.
ಯನ್ನು ಆಯಾ ಸಮಾಜಗಳು ಗೌರವಿಸಬೇಕು. ಇಂದು 12ನೇ ಶತಮಾನದ ಶರಣರ ವಚನ ಸಾಹಿತ್ಯ ಕನ್ನಡಕ್ಕೆ ಕಿರೀಟ ಪ್ರಾಯವಾಗಿದೆ. ಕಾರ್ಯಕ್ರಮದಲ್ಲಿ ಹಿರಿಯ ಸಾಹಿತಿಗಳು, ಕಸಾಪ ಪದಾಧಿಕಾರಿಗಳು, ಶಿಕ್ಷಕರು ಹಾಗೂ ವಿದ್ಯಾರ್ಥಿಗಳು ಉಪಸ್ಥಿತರಿದ್ದರು. ಲಕ್ಷ್ಮಿ ವೆಂಕಟಾಪುರ ಕಾರ್ಯಕ್ರಮ ನಿರೂಪಿಸಿದರು.
ಜೆಸ್ಕಾಂ ಅಧಿಕಾರಿಗಳಿಗೆ ರೈತ ಸಂಘದ ಮನವಿ.
ಸಂಜೆವಾಣಿ ವಾರ್ತೆ ಕುಡ್ಲಿಗಿ, ಜ. 15 :- ತಾಲೂಕಿನ ಹೊಸಹಳ್ಳಿ ಹೋಬಳಿಯಲ್ಲಿ ರೈತರ ಪಂಪ್‌ಸೆಟ್‌ಗಳಿಗೆ ವಿದ್ಯುತ್ ಪೂರೈಕೆಯ ಕುರಿತು ರೈತ ಸಂಘದ ಸದಸ್ಯರು ಜೆಸ್ಕಾಂ ಅಧಿಕಾರಿಗಳಿಗೆ ಒತ್ತಾಯಿಸಿ ಮನವಿ ಸಲ್ಲಿಸಿದರು. ತಾಲೂಕಿನ ಪ್ರಮುಖ ಪ್ರದೇಶಗಳಲ್ಲಿ ಬುಧವಾರ ಜೆಸ್ಕಾಂ ಕಾರ್ಯಾಲಯದ ಕಚೇರಿಯಲ್ಲಿ ರೈತ ಸಂಘದ ತಾಲ್ಲೂಕು ಅಧ್ಯಕ್ಷ ಹುಲೇಶ್ ಅವರ ನೇತೃತ್ವದಲ್ಲಿ ಮನವಿ ನೀಡಿ ರೈತರ ಪಂಪ್‌ಸೆಟ್‌ಗಳಿಗೆ ಹಗಲು ವೇಳೆಯಲ್ಲಿ 7 ಗಂಟೆ ಕಡ್ಡಾಯ ವಿದ್ಯುತ್ ಪೂರೈಸಬೇಕು ಎಂದು ಆಗ್ರಹಿಸಿದರು.
ಅವನ್ನು ಕೂಡಲೇ ಅವರಿಗೆ ಸೂಕ್ತ ಪರಿಹಾರ ನೀಡಬೇಕು. ಜೆಸ್ಕಾಂ ಇಲಾಖೆಯವರು ಸರ್ಕಾರ ನಿಗದಿಪಡಿಸಿದ ಅವಧಿ ಅನ್ವಯ ಸಮರ್ಪಕವಾಗಿ ವಿದ್ಯುತ್ ಪೂರೈಸಬೇಕು ಎಂದು ತಾಲೂಕು ಪ್ರಧಾನ ಕಾರ್ಯದರ್ಶಿ ಜಗದೀಶ್, ಸತೀಶ್, ಪ್ರಭು ಮತ್ತು ಇತರ ರೈತ ಮುಖಂಡರು ಉಪಸ್ಥಿತರಿದ್ದರು.
ರಿಗೆ ಬೇಸಿಗೆಯಾದ ವಿದ್ಯುತ್ ಕೊರತೆ ಪರಿಹರಿಸಲು ಕ್ರಮ ಕೈಗೊಳ್ಳಬೇಕು. ಟ್ರಾನ್ಸ್‌ಫಾರ್ಮರ್ ದುರಸ್ತಿ ಕಾರ್ಯ ಶೀಘ್ರ ಮುಗಿಸಬೇಕು ಎಂದು ಒತ್ತಾಯಿಸಿದರು. ಈ ವೇಳೆ ಸಂಘದ ಪದಾಧಿಕಾರಿಗಳು ಹಾಗೂ ಗ್ರಾಮದ ರೈತರು ಭಾಗವಹಿಸಿದ್ದರು.
ಕುಮಾರ್, ರಂಗನಾಥ ಹಳ್ಳಿಯ ಮಂಜುನಾಥ, ಪೊಲಂಕಪ್ಪ, ಗೋಪಾಲಪ್ಪ, ಹನುಮಂತಪ್ಪ, ಶಿವನಗೌಡ ಸೇರಿದಂತೆ ಹಲವಾರು ರೈತರು ಉಪಸ್ಥಿತರಿದ್ದರು. ಜೆಸ್ಕಾಂ ಎಇಇ ಅವರು ಮನವಿ ಸ್ವೀಕರಿಸಿ ಸಮಸ್ಯೆ ಪರಿಹರಿಸುವ ಭರವಸೆ ನೀಡಿದರು.
C
M
Y
K
C
M
Y
K
